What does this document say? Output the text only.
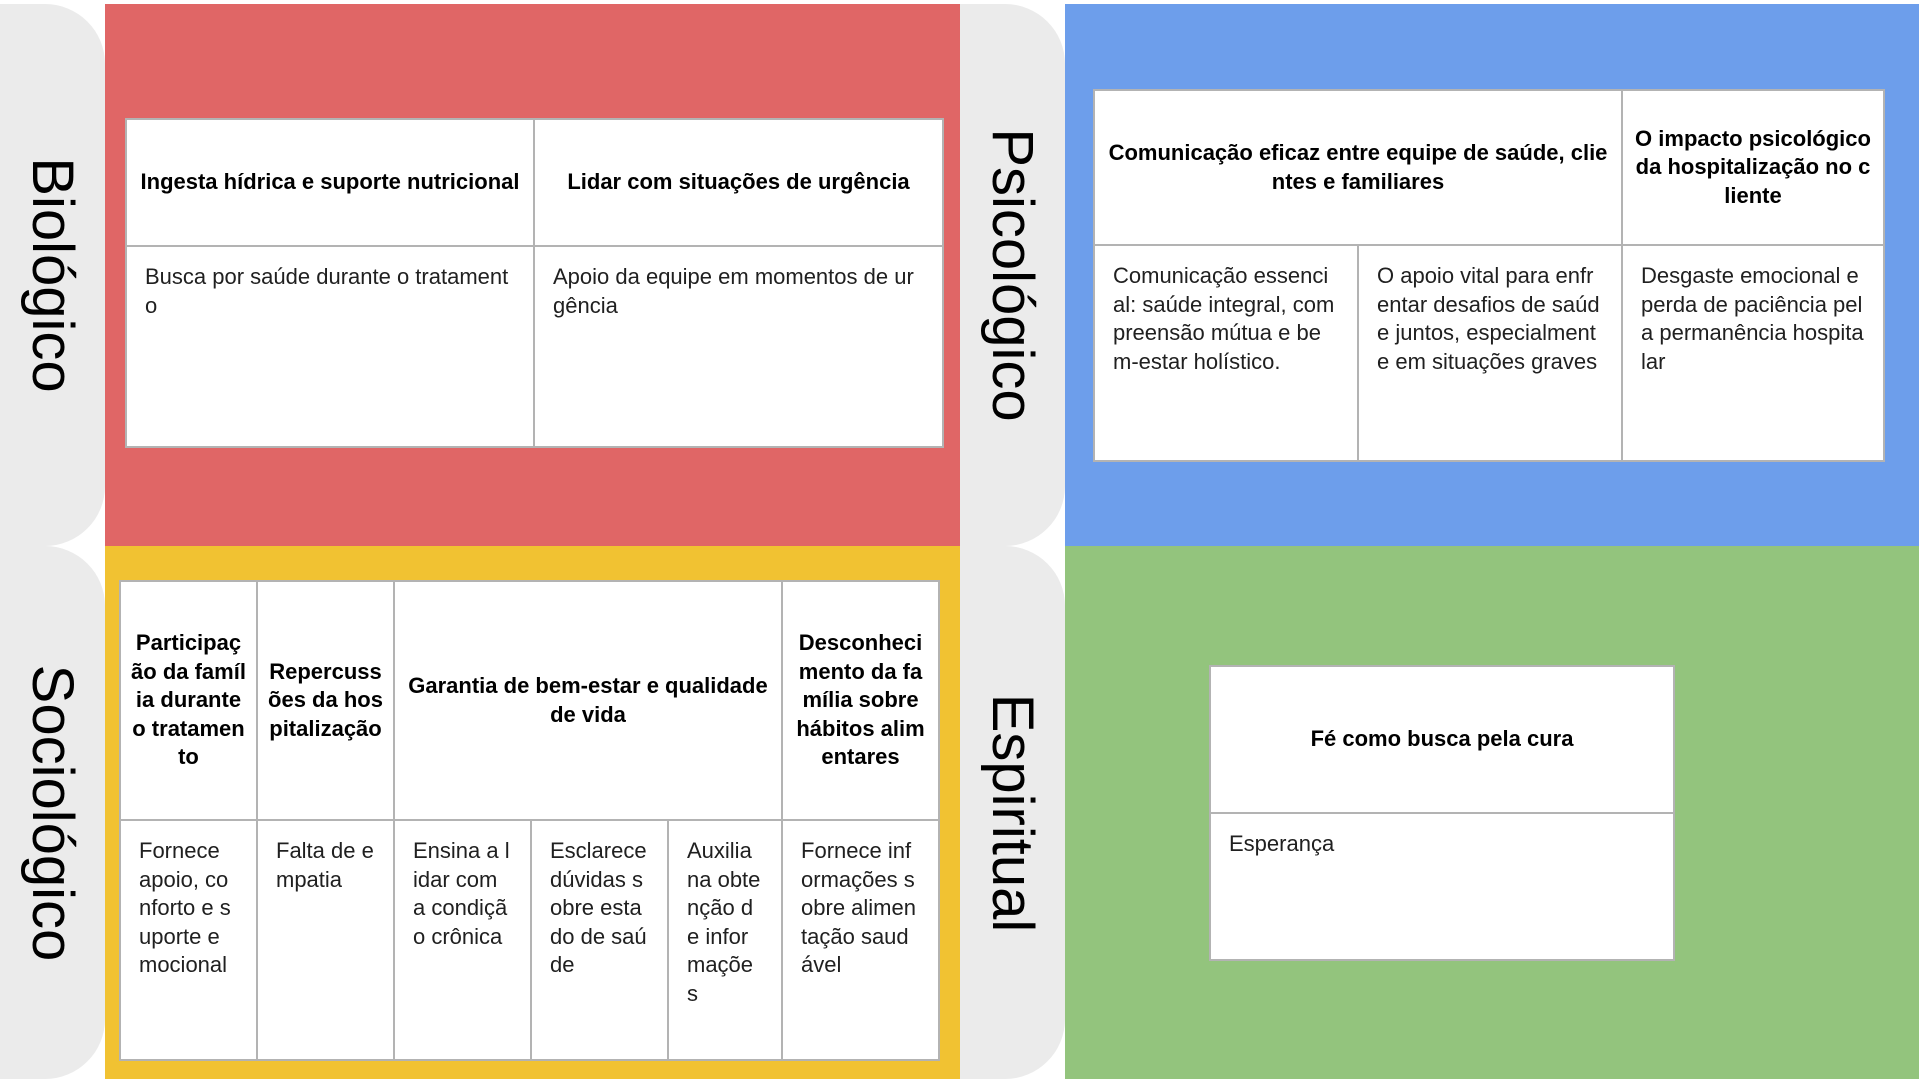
Ingesta hídrica e suporte nutricional	Lidar com situações de urgência
Busca por saúde durante o tratamento	Apoio da equipe em momentos de urgência
Biológico
Comunicação eficaz entre equipe de saúde, clientes e familiares		O impacto psicológico da hospitalização no cliente
Comunicação essencial: saúde integral, compreensão mútua e bem-estar holístico.	O apoio vital para enfrentar desafios de saúde juntos, especialmente em situações graves	Desgaste emocional e perda de paciência pela permanência hospitalar
Psicológico
Participação da família durante o tratamento	Repercussões da hospitalização	Garantia de bem-estar e qualidade de vida			Desconhecimento da família sobre hábitos alimentares
Fornece apoio, conforto e suporte emocional	Falta de empatia	Ensina a lidar com a condição crônica	Esclarece dúvidas sobre estado de saúde	Auxilia na obtenção de informações	Fornece informações sobre alimentação saudável
Sociológico	Fé como busca pela cura
Esperança
Espiritual
